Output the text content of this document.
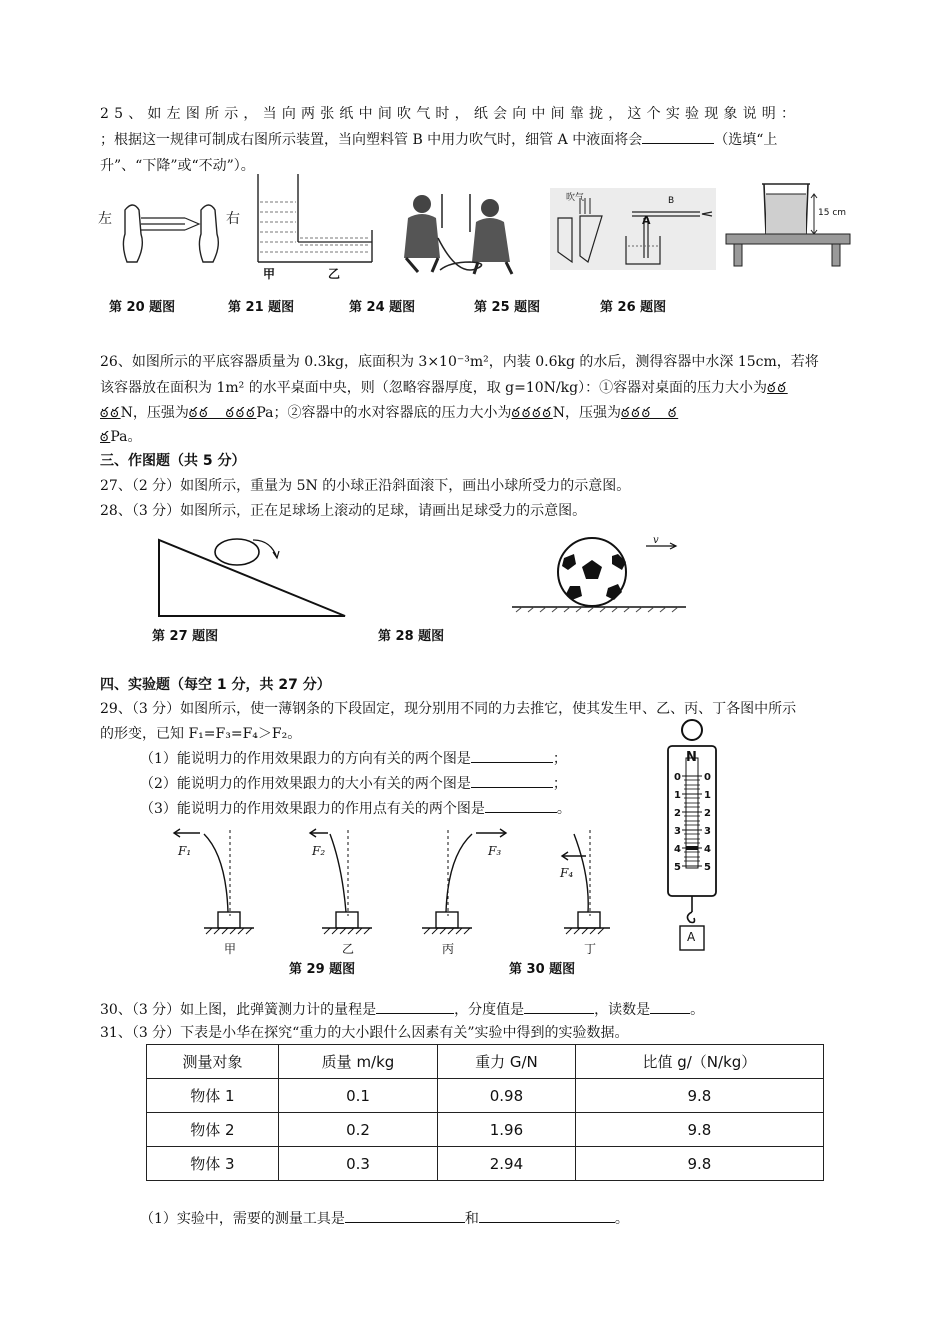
25、如左图所示，当向两张纸中间吹气时，纸会向中间靠拢，这个实验现象说明：
；根据这一规律可制成右图所示装置，当向塑料管 B 中用力吹气时，细管 A 中液面将会	（选填“上
升”、“下降”或“不动”）。
左	右
甲	乙
吹气
A
B
15 cm
第 20 题图	第 21 题图	第 24 题图	第 25 题图	第 26 题图
26、如图所示的平底容器质量为 0.3kg，底面积为 3×10⁻³m²，内装 0.6kg 的水后，测得容器中水深 15cm，若将
该容器放在面积为 1m² 的水平桌面中央，则（忽略容器厚度，取 g=10N/kg）：①容器对桌面的压力大小为ఠఠ
ఠఠN，压强为ఠఠ　ఠఠఠPa；②容器中的水对容器底的压力大小为ఠఠఠఠN，压强为ఠఠఠ　ఠ
ఠPa。
三、作图题（共 5 分）
27、（2 分）如图所示，重量为 5N 的小球正沿斜面滚下，画出小球所受力的示意图。
28、（3 分）如图所示，正在足球场上滚动的足球，请画出足球受力的示意图。
v
第 27 题图	第 28 题图
四、实验题（每空 1 分，共 27 分）
29、（3 分）如图所示，使一薄钢条的下段固定，现分别用不同的力去推它，使其发生甲、乙、丙、丁各图中所示
的形变，已知 F₁=F₃=F₄＞F₂。
（1）能说明力的作用效果跟力的方向有关的两个图是	；
（2）能说明力的作用效果跟力的大小有关的两个图是	；
（3）能说明力的作用效果跟力的作用点有关的两个图是	。
F₁	F₂	F₃
F₄
甲	乙	丙	丁
N
0
1
2
3
4
5
0
1
2
3
4
5
A
第 29 题图	第 30 题图
30、（3 分）如上图，此弹簧测力计的量程是	，分度值是	，读数是	。
31、（3 分）下表是小华在探究“重力的大小跟什么因素有关”实验中得到的实验数据。
测量对象	质量 m/kg	重力 G/N	比值 g/（N/kg）
物体 1	0.1	0.98	9.8
物体 2	0.2	1.96	9.8
物体 3	0.3	2.94	9.8
（1）实验中，需要的测量工具是	和	。
